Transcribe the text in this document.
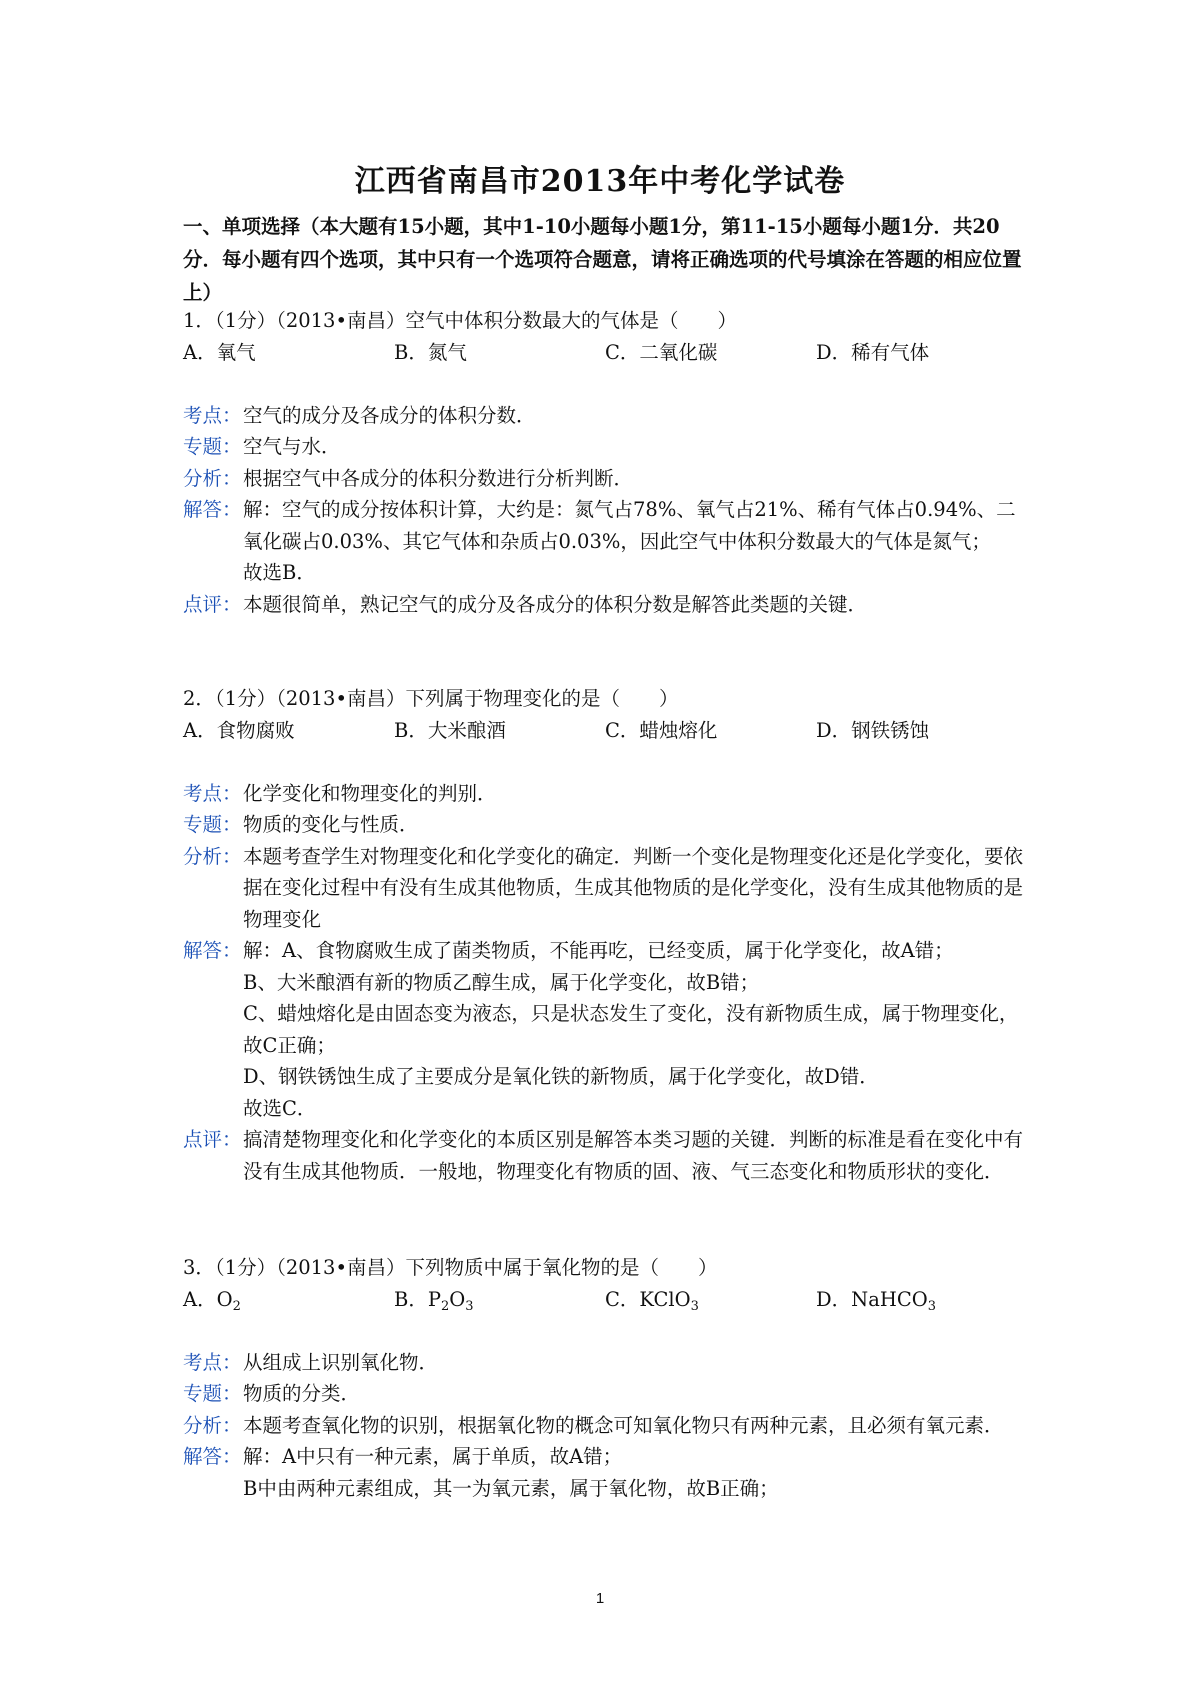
江西省南昌市2013年中考化学试卷
一、单项选择（本大题有15小题，其中1-10小题每小题1分，第11-15小题每小题1分．共20分．每小题有四个选项，其中只有一个选项符合题意，请将正确选项的代号填涂在答题的相应位置上）
1．（1分）（2013•南昌）空气中体积分数最大的气体是（　　）
A．氧气	B．氮气	C．二氧化碳	D．稀有气体
考点： 空气的成分及各成分的体积分数．
专题： 空气与水．
分析： 根据空气中各成分的体积分数进行分析判断．
解答： 解：空气的成分按体积计算，大约是：氮气占78%、氧气占21%、稀有气体占0.94%、二氧化碳占0.03%、其它气体和杂质占0.03%，因此空气中体积分数最大的气体是氮气；
故选B．
点评： 本题很简单，熟记空气的成分及各成分的体积分数是解答此类题的关键．
2．（1分）（2013•南昌）下列属于物理变化的是（　　）
A．食物腐败	B．大米酿酒	C．蜡烛熔化	D．钢铁锈蚀
考点： 化学变化和物理变化的判别．
专题： 物质的变化与性质．
分析： 本题考查学生对物理变化和化学变化的确定．判断一个变化是物理变化还是化学变化，要依据在变化过程中有没有生成其他物质，生成其他物质的是化学变化，没有生成其他物质的是物理变化
解答： 解：A、食物腐败生成了菌类物质，不能再吃，已经变质，属于化学变化，故A错；
B、大米酿酒有新的物质乙醇生成，属于化学变化，故B错；
C、蜡烛熔化是由固态变为液态，只是状态发生了变化，没有新物质生成，属于物理变化，故C正确；
D、钢铁锈蚀生成了主要成分是氧化铁的新物质，属于化学变化，故D错．
故选C．
点评： 搞清楚物理变化和化学变化的本质区别是解答本类习题的关键．判断的标准是看在变化中有没有生成其他物质．一般地，物理变化有物质的固、液、气三态变化和物质形状的变化．
3．（1分）（2013•南昌）下列物质中属于氧化物的是（　　）
A．$O_2$	B．$P_2O_3$	C．KClO$_3$	D．NaHCO$_3$
考点： 从组成上识别氧化物．
专题： 物质的分类．
分析： 本题考查氧化物的识别，根据氧化物的概念可知氧化物只有两种元素，且必须有氧元素．
解答： 解：A中只有一种元素，属于单质，故A错；
B中由两种元素组成，其一为氧元素，属于氧化物，故B正确；
1
